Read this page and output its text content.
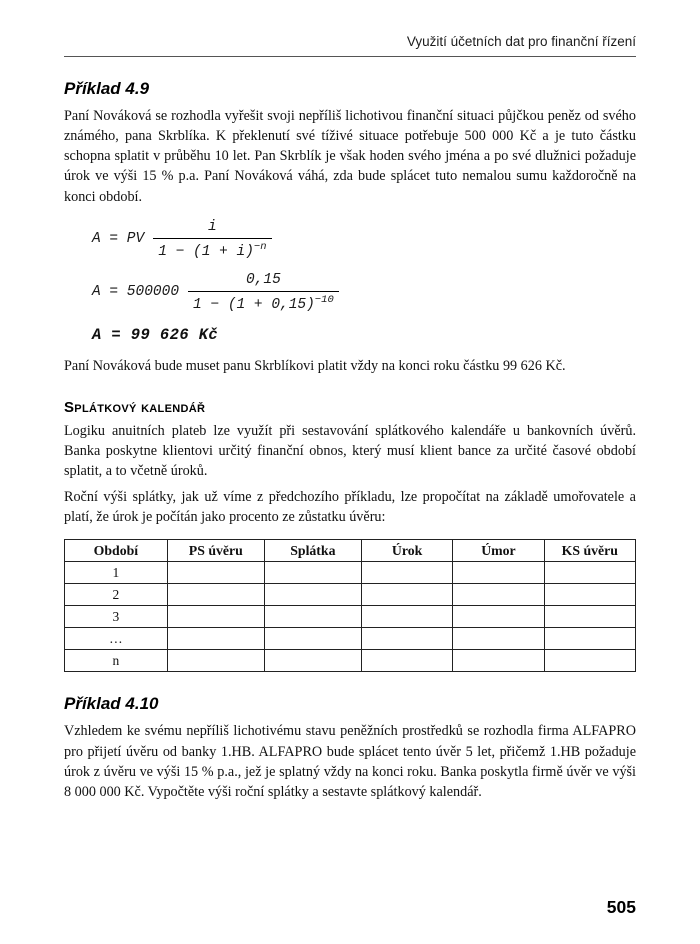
Využití účetních dat pro finanční řízení
Příklad 4.9

Paní Nováková se rozhodla vyřešit svoji nepříliš lichotivou finanční situaci půjčkou peněz od svého známého, pana Skrblíka. K překlenutí své tíživé situace potřebuje 500 000 Kč a je tuto částku schopna splatit v průběhu 10 let. Pan Skrblík je však hoden svého jména a po své dlužnici požaduje úrok ve výši 15 % p.a. Paní Nováková váhá, zda bude splácet tuto nemalou sumu každoročně na konci období.

A = PV $\frac{i}{1 - (1 + i)^{-n}}$
$A = 500000 \frac{0,15}{1 - (1 + 0,15)^{-10}}$
A = 99 626 Kč

Paní Nováková bude muset panu Skrblíkovi platit vždy na konci roku částku 99 626 Kč.

Splátkový kalendář

Logiku anuitních plateb lze využít při sestavování splátkového kalendáře u bankovních úvěrů. Banka poskytne klientovi určitý finanční obnos, který musí klient bance za určité časové období splatit, a to včetně úroků.

Roční výši splátky, jak už víme z předchozího příkladu, lze propočítat na základě umořovatele a platí, že úrok je počítán jako procento ze zůstatku úvěru:

Období	PS úvěru	Splátka	Úrok	Úmor	KS úvěru
1					
2					
3					
…					
n					
Příklad 4.10

Vzhledem ke svému nepříliš lichotivému stavu peněžních prostředků se rozhodla firma ALFAPRO pro přijetí úvěru od banky 1.HB. ALFAPRO bude splácet tento úvěr 5 let, přičemž 1.HB požaduje úrok z úvěru ve výši 15 % p.a., jež je splatný vždy na konci roku. Banka poskytla firmě úvěr ve výši 8 000 000 Kč. Vypočtěte výši roční splátky a sestavte splátkový kalendář.

505
